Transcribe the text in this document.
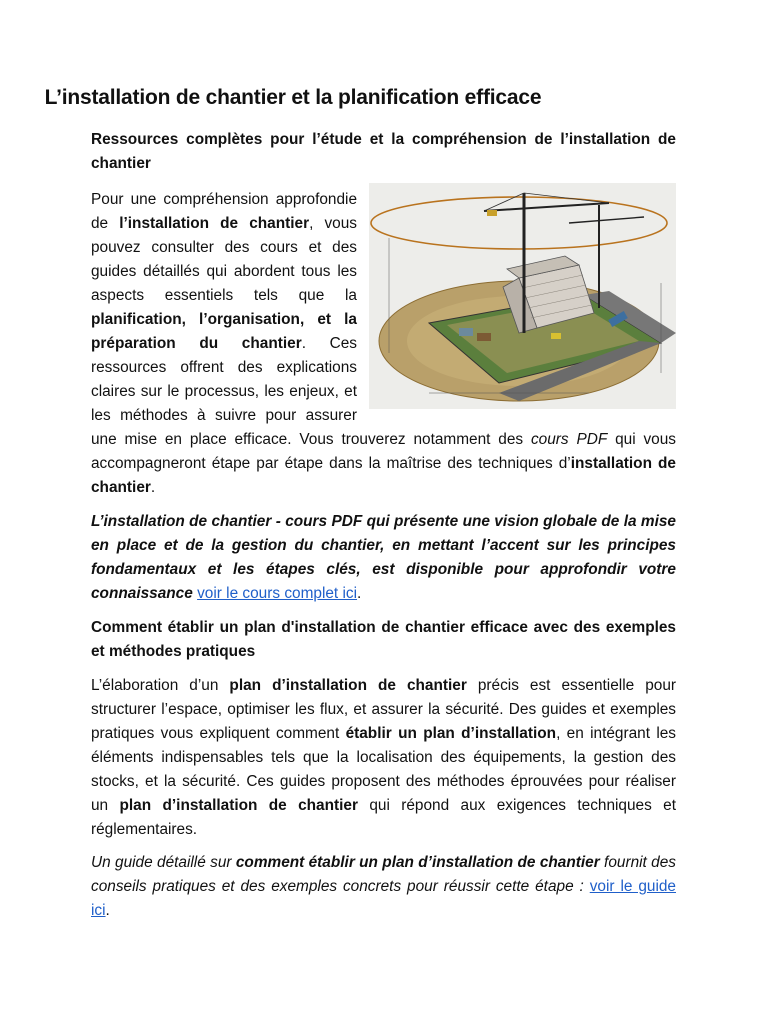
L’installation de chantier et la planification efficace

Ressources complètes pour l’étude et la compréhension de l’installation de chantier

Pour une compréhension approfondie de l’installation de chantier, vous pouvez consulter des cours et des guides détaillés qui abordent tous les aspects essentiels tels que la planification, l’organisation, et la préparation du chantier. Ces ressources offrent des explications claires sur le processus, les enjeux, et les méthodes à suivre pour assurer une mise en place efficace. Vous trouverez notamment des cours PDF qui vous accompagneront étape par étape dans la maîtrise des techniques d’installation de chantier.

L’installation de chantier - cours PDF qui présente une vision globale de la mise en place et de la gestion du chantier, en mettant l’accent sur les principes fondamentaux et les étapes clés, est disponible pour approfondir votre connaissance voir le cours complet ici.

Comment établir un plan d'installation de chantier efficace avec des exemples et méthodes pratiques

L’élaboration d’un plan d’installation de chantier précis est essentielle pour structurer l’espace, optimiser les flux, et assurer la sécurité. Des guides et exemples pratiques vous expliquent comment établir un plan d’installation, en intégrant les éléments indispensables tels que la localisation des équipements, la gestion des stocks, et la sécurité. Ces guides proposent des méthodes éprouvées pour réaliser un plan d’installation de chantier qui répond aux exigences techniques et réglementaires.

Un guide détaillé sur comment établir un plan d’installation de chantier fournit des conseils pratiques et des exemples concrets pour réussir cette étape : voir le guide ici.
